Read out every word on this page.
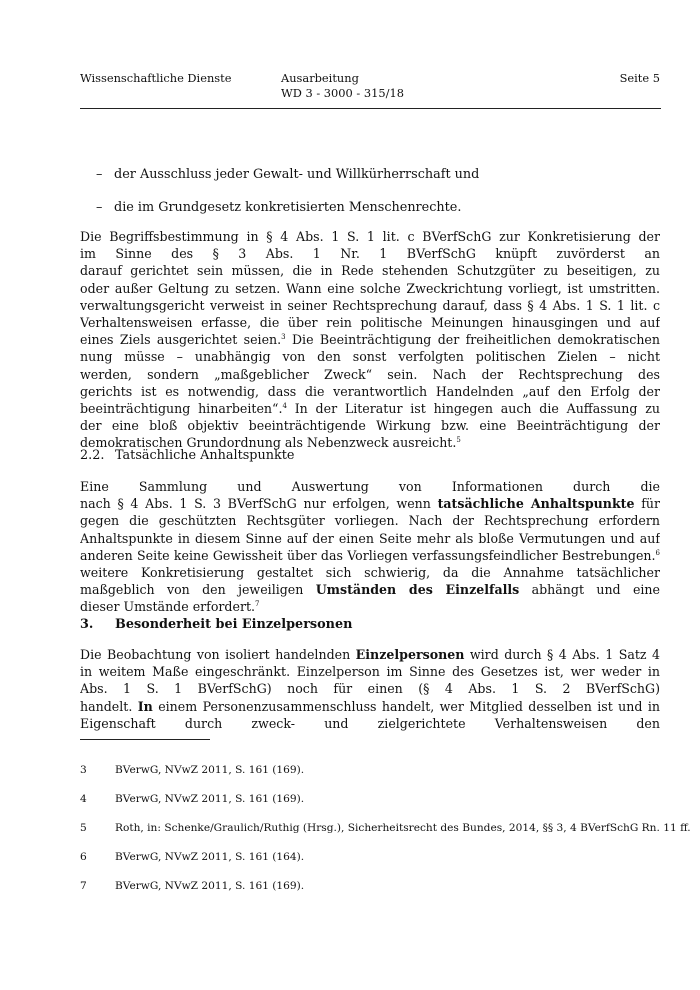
Wissenschaftliche Dienste	Ausarbeitung
WD 3 - 3000 - 315/18
Seite 5
– der Ausschluss jeder Gewalt- und Willkürherrschaft und
– die im Grundgesetz konkretisierten Menschenrechte.
Die Begriffsbestimmung in § 4 Abs. 1 S. 1 lit. c BVerfSchG zur Konkretisierung der
im Sinne des § 3 Abs. 1 Nr. 1 BVerfSchG knüpft zuvörderst an
darauf gerichtet sein müssen, die in Rede stehenden Schutzgüter zu beseitigen, zu
oder außer Geltung zu setzen. Wann eine solche Zweckrichtung vorliegt, ist umstritten.
verwaltungsgericht verweist in seiner Rechtsprechung darauf, dass § 4 Abs. 1 S. 1 lit. c
Verhaltensweisen erfasse, die über rein politische Meinungen hinausgingen und auf
eines Ziels ausgerichtet seien.$^3$ Die Beeinträchtigung der freiheitlichen demokratischen
nung müsse – unabhängig von den sonst verfolgten politischen Zielen – nicht
werden, sondern „maßgeblicher Zweck“ sein. Nach der Rechtsprechung des
gerichts ist es notwendig, dass die verantwortlich Handelnden „auf den Erfolg der
beeinträchtigung hinarbeiten“.$^4$ In der Literatur ist hingegen auch die Auffassung zu
der eine bloß objektiv beeinträchtigende Wirkung bzw. eine Beeinträchtigung der
demokratischen Grundordnung als Nebenzweck ausreicht.$^5$
2.2. Tatsächliche Anhaltspunkte
Eine Sammlung und Auswertung von Informationen durch die
nach § 4 Abs. 1 S. 3 BVerfSchG nur erfolgen, wenn tatsächliche Anhaltspunkte für
gegen die geschützten Rechtsgüter vorliegen. Nach der Rechtsprechung erfordern
Anhaltspunkte in diesem Sinne auf der einen Seite mehr als bloße Vermutungen und auf
anderen Seite keine Gewissheit über das Vorliegen verfassungsfeindlicher Bestrebungen.$^6$
weitere Konkretisierung gestaltet sich schwierig, da die Annahme tatsächlicher
maßgeblich von den jeweiligen Umständen des Einzelfalls abhängt und eine
dieser Umstände erfordert.$^7$
3. Besonderheit bei Einzelpersonen
Die Beobachtung von isoliert handelnden Einzelpersonen wird durch § 4 Abs. 1 Satz 4
in weitem Maße eingeschränkt. Einzelperson im Sinne des Gesetzes ist, wer weder in
Abs. 1 S. 1 BVerfSchG) noch für einen (§ 4 Abs. 1 S. 2 BVerfSchG)
handelt. In einem Personenzusammenschluss handelt, wer Mitglied desselben ist und in
Eigenschaft durch zweck- und zielgerichtete Verhaltensweisen den
3	BVerwG, NVwZ 2011, S. 161 (169).
4	BVerwG, NVwZ 2011, S. 161 (169).
5	Roth, in: Schenke/Graulich/Ruthig (Hrsg.), Sicherheitsrecht des Bundes, 2014, §§ 3, 4 BVerfSchG Rn. 11 ff.
6	BVerwG, NVwZ 2011, S. 161 (164).
7	BVerwG, NVwZ 2011, S. 161 (169).
